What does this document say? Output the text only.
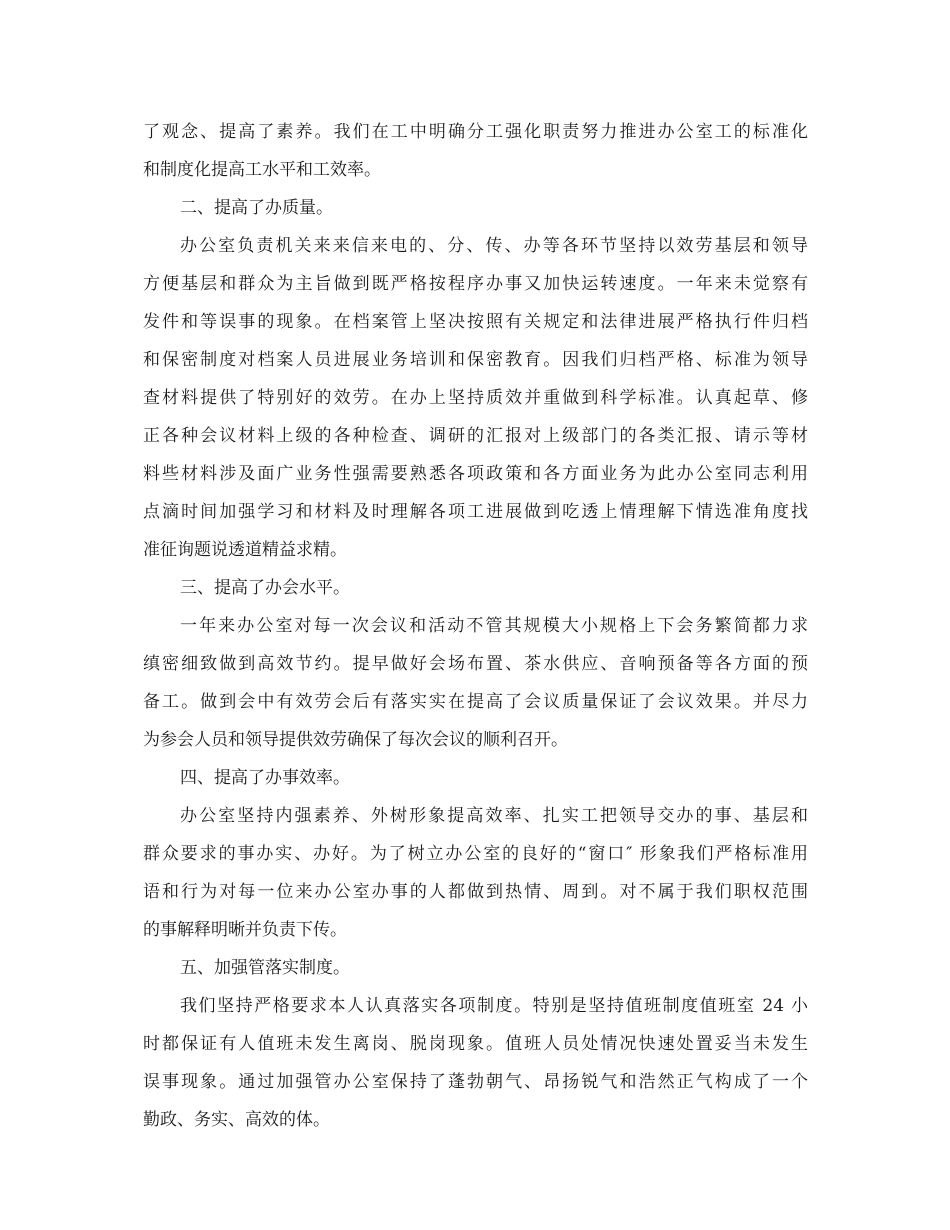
了观念、提高了素养。我们在工中明确分工强化职责努力推进办公室工的标准化
和制度化提高工水平和工效率。
二、提高了办质量。
办公室负责机关来来信来电的、分、传、办等各环节坚持以效劳基层和领导
方便基层和群众为主旨做到既严格按程序办事又加快运转速度。一年来未觉察有
发件和等误事的现象。在档案管上坚决按照有关规定和法律进展严格执行件归档
和保密制度对档案人员进展业务培训和保密教育。因我们归档严格、标准为领导
查材料提供了特别好的效劳。在办上坚持质效并重做到科学标准。认真起草、修
正各种会议材料上级的各种检查、调研的汇报对上级部门的各类汇报、请示等材
料些材料涉及面广业务性强需要熟悉各项政策和各方面业务为此办公室同志利用
点滴时间加强学习和材料及时理解各项工进展做到吃透上情理解下情选准角度找
准征询题说透道精益求精。
三、提高了办会水平。
一年来办公室对每一次会议和活动不管其规模大小规格上下会务繁简都力求
缜密细致做到高效节约。提早做好会场布置、茶水供应、音响预备等各方面的预
备工。做到会中有效劳会后有落实实在提高了会议质量保证了会议效果。并尽力
为参会人员和领导提供效劳确保了每次会议的顺利召开。
四、提高了办事效率。
办公室坚持内强素养、外树形象提高效率、扎实工把领导交办的事、基层和
群众要求的事办实、办好。为了树立办公室的良好的“窗口″ 形象我们严格标准用
语和行为对每一位来办公室办事的人都做到热情、周到。对不属于我们职权范围
的事解释明晰并负责下传。
五、加强管落实制度。
我们坚持严格要求本人认真落实各项制度。特别是坚持值班制度值班室 24 小
时都保证有人值班未发生离岗、脱岗现象。值班人员处情况快速处置妥当未发生
误事现象。通过加强管办公室保持了蓬勃朝气、昂扬锐气和浩然正气构成了一个
勤政、务实、高效的体。
